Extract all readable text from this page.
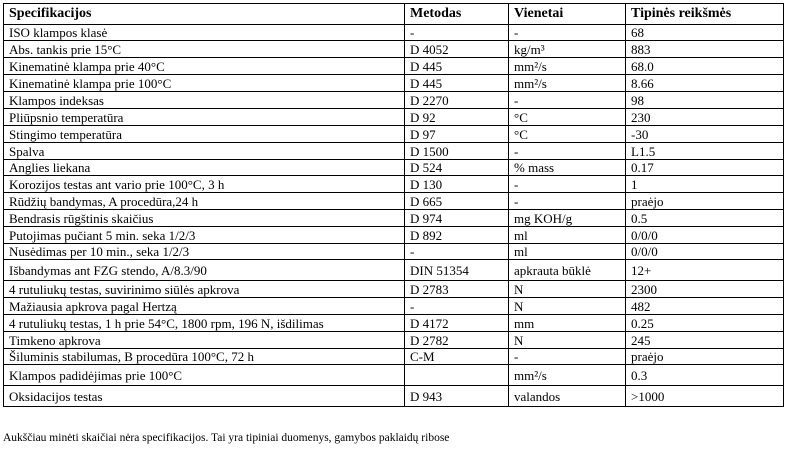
Specifikacijos	Metodas	Vienetai	Tipinės reikšmės
ISO klampos klasė	-	-	68
Abs. tankis prie 15°C	D 4052	kg/m³	883
Kinematinė klampa prie 40°C	D 445	mm²/s	68.0
Kinematinė klampa prie 100°C	D 445	mm²/s	8.66
Klampos indeksas	D 2270	-	98
Pliūpsnio temperatūra	D 92	°C	230
Stingimo temperatūra	D 97	°C	-30
Spalva	D 1500	-	L1.5
Anglies liekana	D 524	% mass	0.17
Korozijos testas ant vario prie 100°C, 3 h	D 130	-	1
Rūdžių bandymas, A procedūra,24 h	D 665	-	praėjo
Bendrasis rūgštinis skaičius	D 974	mg KOH/g	0.5
Putojimas pučiant 5 min. seka 1/2/3	D 892	ml	0/0/0
Nusėdimas per 10 min., seka 1/2/3	-	ml	0/0/0
Išbandymas ant FZG stendo, A/8.3/90	DIN 51354	apkrauta būklė	12+
4 rutuliukų testas, suvirinimo siūlės apkrova	D 2783	N	2300
Mažiausia apkrova pagal Hertzą	-	N	482
4 rutuliukų testas, 1 h prie 54°C, 1800 rpm, 196 N, išdilimas	D 4172	mm	0.25
Timkeno apkrova	D 2782	N	245
Šiluminis stabilumas, B procedūra 100°C, 72 h	C-M	-	praėjo
Klampos padidėjimas prie 100°C		mm²/s	0.3
Oksidacijos testas	D 943	valandos	>1000
Aukščiau minėti skaičiai nėra specifikacijos. Tai yra tipiniai duomenys, gamybos paklaidų ribose
